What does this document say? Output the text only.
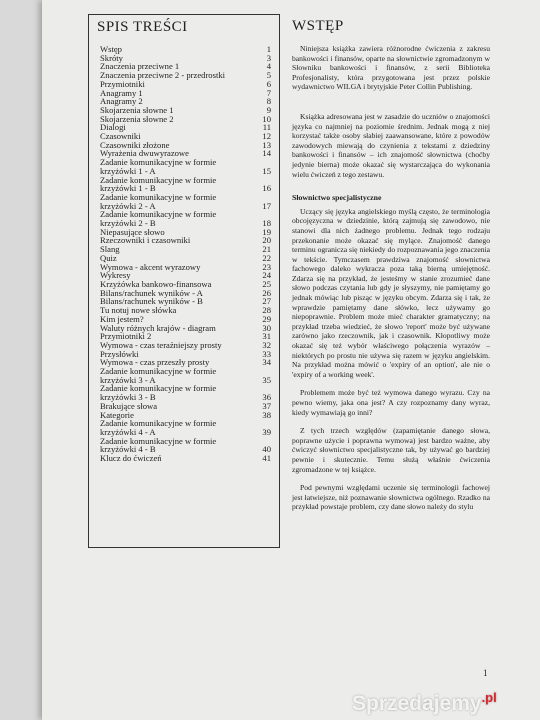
SPIS TREŚCI
Wstęp	1
Skróty	3
Znaczenia przeciwne 1	4
Znaczenia przeciwne 2 - przedrostki	5
Przymiotniki	6
Anagramy 1	7
Anagramy 2	8
Skojarzenia słowne 1	9
Skojarzenia słowne 2	10
Dialogi	11
Czasowniki	12
Czasowniki złożone	13
Wyrażenia dwuwyrazowe	14
Zadanie komunikacyjne w formie krzyżówki 1 - A	15
Zadanie komunikacyjne w formie krzyżówki 1 - B	16
Zadanie komunikacyjne w formie krzyżówki 2 - A	17
Zadanie komunikacyjne w formie krzyżówki 2 - B	18
Niepasujące słowo	19
Rzeczowniki i czasowniki	20
Slang	21
Quiz	22
Wymowa - akcent wyrazowy	23
Wykresy	24
Krzyżówka bankowo-finansowa	25
Bilans/rachunek wyników - A	26
Bilans/rachunek wyników - B	27
Tu notuj nowe słówka	28
Kim jestem?	29
Waluty różnych krajów - diagram	30
Przymiotniki 2	31
Wymowa - czas teraźniejszy prosty	32
Przysłówki	33
Wymowa - czas przeszły prosty	34
Zadanie komunikacyjne w formie krzyżówki 3 - A	35
Zadanie komunikacyjne w formie krzyżówki 3 - B	36
Brakujące słowa	37
Kategorie	38
Zadanie komunikacyjne w formie krzyżówki 4 - A	39
Zadanie komunikacyjne w formie krzyżówki 4 - B	40
Klucz do ćwiczeń	41
WSTĘP

Niniejsza książka zawiera różnorodne ćwiczenia z zakresu bankowości i finansów, oparte na słownictwie zgromadzonym w Słowniku bankowości i finansów, z serii Biblioteka Profesjonalisty, która przygotowana jest przez polskie wydawnictwo WILGA i brytyjskie Peter Collin Publishing.

Książka adresowana jest w zasadzie do uczniów o znajomości języka co najmniej na poziomie średnim. Jednak mogą z niej korzystać także osoby słabiej zaawansowane, które z powodów zawodowych miewają do czynienia z tekstami z dziedziny bankowości i finansów – ich znajomość słownictwa (choćby jedynie bierna) może okazać się wystarczająca do wykonania wielu ćwiczeń z tego zestawu.

Słownictwo specjalistyczne

Uczący się języka angielskiego myślą często, że terminologia obcojęzyczna w dziedzinie, którą zajmują się zawodowo, nie stanowi dla nich żadnego problemu. Jednak tego rodzaju przekonanie może okazać się mylące. Znajomość danego terminu ogranicza się niekiedy do rozpoznawania jego znaczenia w tekście. Tymczasem prawdziwa znajomość słownictwa fachowego daleko wykracza poza taką bierną umiejętność. Zdarza się na przykład, że jesteśmy w stanie zrozumieć dane słowo podczas czytania lub gdy je słyszymy, nie pamiętamy go jednak mówiąc lub pisząc w języku obcym. Zdarza się i tak, że wprawdzie pamiętamy dane słówko, lecz używamy go niepoprawnie. Problem może mieć charakter gramatyczny; na przykład trzeba wiedzieć, że słowo 'report' może być używane zarówno jako rzeczownik, jak i czasownik. Kłopotliwy może okazać się też wybór właściwego połączenia wyrazów – niektórych po prostu nie używa się razem w języku angielskim. Na przykład można mówić o 'expiry of an option', ale nie o 'expiry of a working week'.

Problemem może być też wymowa danego wyrazu. Czy na pewno wiemy, jaka ona jest? A czy rozpoznamy dany wyraz, kiedy wymawiają go inni?

Z tych trzech względów (zapamiętanie danego słowa, poprawne użycie i poprawna wymowa) jest bardzo ważne, aby ćwiczyć słownictwo specjalistyczne tak, by używać go bardziej pewnie i skutecznie. Temu służą właśnie ćwiczenia zgromadzone w tej książce.

Pod pewnymi względami uczenie się terminologii fachowej jest łatwiejsze, niż poznawanie słownictwa ogólnego. Rzadko na przykład powstaje problem, czy dane słowo należy do stylu

1
Sprzedajemy$^{.pl}$
